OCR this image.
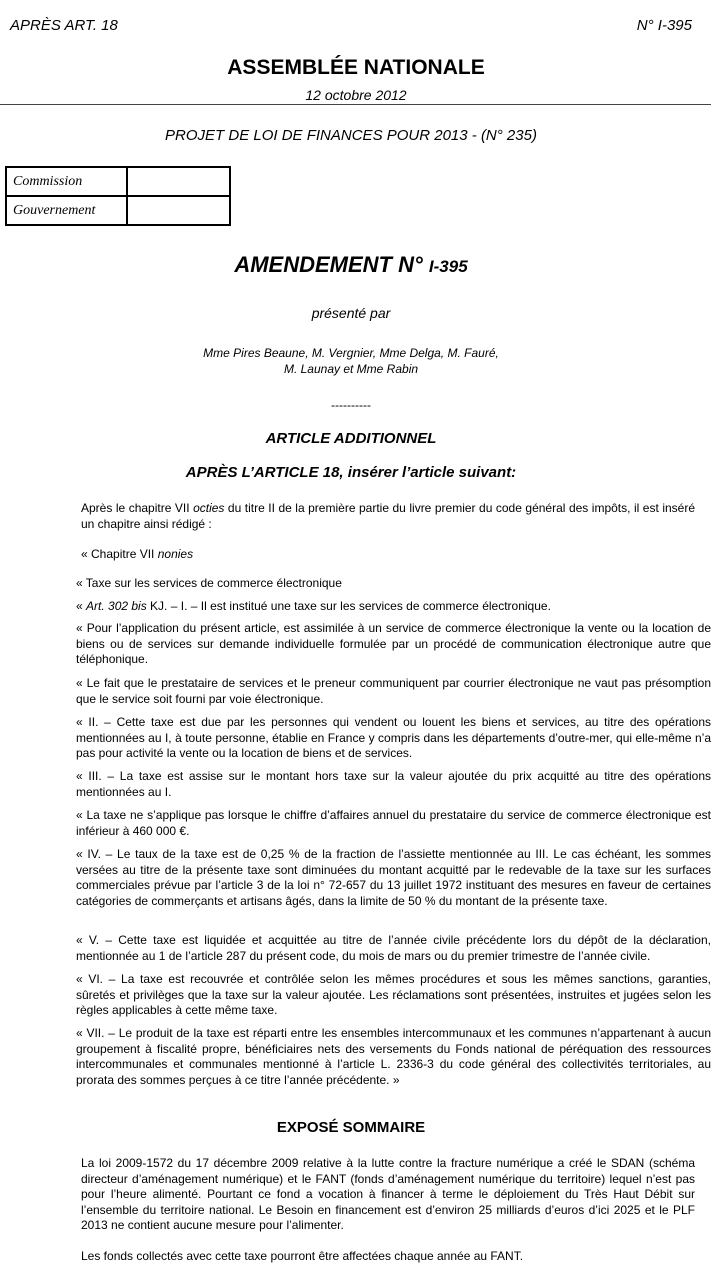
APRÈS ART. 18	N° I-395
ASSEMBLÉE NATIONALE
12 octobre 2012
PROJET DE LOI DE FINANCES POUR 2013 - (N° 235)
Commission	
Gouvernement	
AMENDEMENT N° I-395
présenté par
Mme Pires Beaune, M. Vergnier, Mme Delga, M. Fauré,
M. Launay et Mme Rabin
----------
ARTICLE ADDITIONNEL
APRÈS L’ARTICLE 18, insérer l’article suivant:
Après le chapitre VII octies du titre II de la première partie du livre premier du code général des impôts, il est inséré un chapitre ainsi rédigé :
« Chapitre VII nonies
« Taxe sur les services de commerce électronique
« Art. 302 bis KJ. – I. – Il est institué une taxe sur les services de commerce électronique.
« Pour l’application du présent article, est assimilée à un service de commerce électronique la vente ou la location de biens ou de services sur demande individuelle formulée par un procédé de communication électronique autre que téléphonique.
« Le fait que le prestataire de services et le preneur communiquent par courrier électronique ne vaut pas présomption que le service soit fourni par voie électronique.
« II. – Cette taxe est due par les personnes qui vendent ou louent les biens et services, au titre des opérations mentionnées au I, à toute personne, établie en France y compris dans les départements d’outre-mer, qui elle-même n’a pas pour activité la vente ou la location de biens et de services.
« III. – La taxe est assise sur le montant hors taxe sur la valeur ajoutée du prix acquitté au titre des opérations mentionnées au I.
« La taxe ne s’applique pas lorsque le chiffre d’affaires annuel du prestataire du service de commerce électronique est inférieur à 460 000 €.
« IV. – Le taux de la taxe est de 0,25 % de la fraction de l’assiette mentionnée au III. Le cas échéant, les sommes versées au titre de la présente taxe sont diminuées du montant acquitté par le redevable de la taxe sur les surfaces commerciales prévue par l’article 3 de la loi n° 72-657 du 13 juillet 1972 instituant des mesures en faveur de certaines catégories de commerçants et artisans âgés, dans la limite de 50 % du montant de la présente taxe.
« V. – Cette taxe est liquidée et acquittée au titre de l’année civile précédente lors du dépôt de la déclaration, mentionnée au 1 de l’article 287 du présent code, du mois de mars ou du premier trimestre de l’année civile.
« VI. – La taxe est recouvrée et contrôlée selon les mêmes procédures et sous les mêmes sanctions, garanties, sûretés et privilèges que la taxe sur la valeur ajoutée. Les réclamations sont présentées, instruites et jugées selon les règles applicables à cette même taxe.
« VII. – Le produit de la taxe est réparti entre les ensembles intercommunaux et les communes n’appartenant à aucun groupement à fiscalité propre, bénéficiaires nets des versements du Fonds national de péréquation des ressources intercommunales et communales mentionné à l’article L. 2336-3 du code général des collectivités territoriales, au prorata des sommes perçues à ce titre l’année précédente. »
EXPOSÉ SOMMAIRE
La loi 2009-1572 du 17 décembre 2009 relative à la lutte contre la fracture numérique a créé le SDAN (schéma directeur d’aménagement numérique) et le FANT (fonds d’aménagement numérique du territoire) lequel n’est pas pour l’heure alimenté. Pourtant ce fond a vocation à financer à terme le déploiement du Très Haut Débit sur l’ensemble du territoire national. Le Besoin en financement est d’environ 25 milliards d’euros d’ici 2025 et le PLF 2013 ne contient aucune mesure pour l’alimenter.
Les fonds collectés avec cette taxe pourront être affectées chaque année au FANT.
